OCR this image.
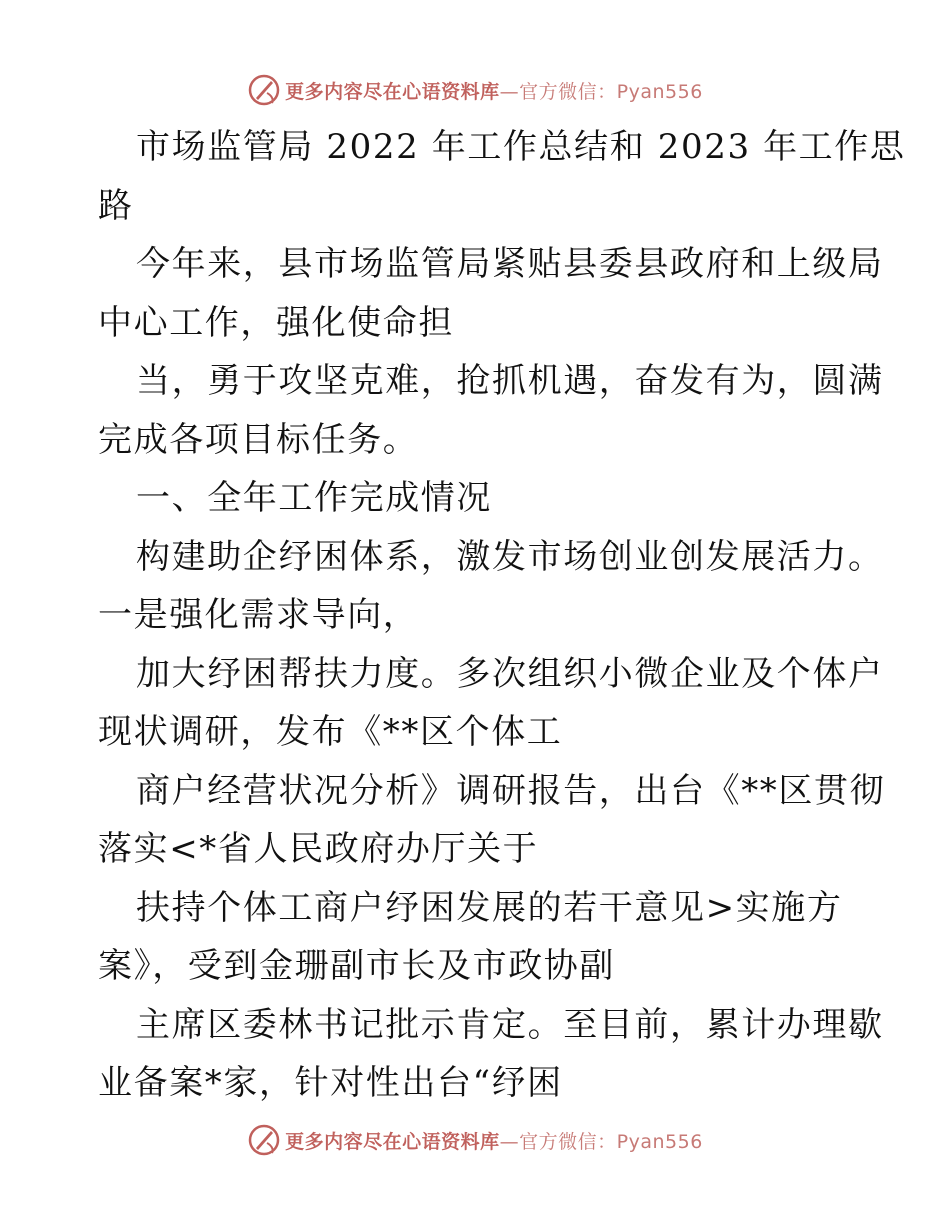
更多内容尽在心语资料库—官方微信：Pyan556
市场监管局 2022 年工作总结和 2023 年工作思
路
今年来，县市场监管局紧贴县委县政府和上级局
中心工作，强化使命担
当，勇于攻坚克难，抢抓机遇，奋发有为，圆满
完成各项目标任务。
一、全年工作完成情况
构建助企纾困体系，激发市场创业创发展活力。
一是强化需求导向，
加大纾困帮扶力度。多次组织小微企业及个体户
现状调研，发布《**区个体工
商户经营状况分析》调研报告，出台《**区贯彻
落实<*省人民政府办厅关于
扶持个体工商户纾困发展的若干意见>实施方
案》，受到金珊副市长及市政协副
主席区委林书记批示肯定。至目前，累计办理歇
业备案*家，针对性出台“纾困
更多内容尽在心语资料库—官方微信：Pyan556
